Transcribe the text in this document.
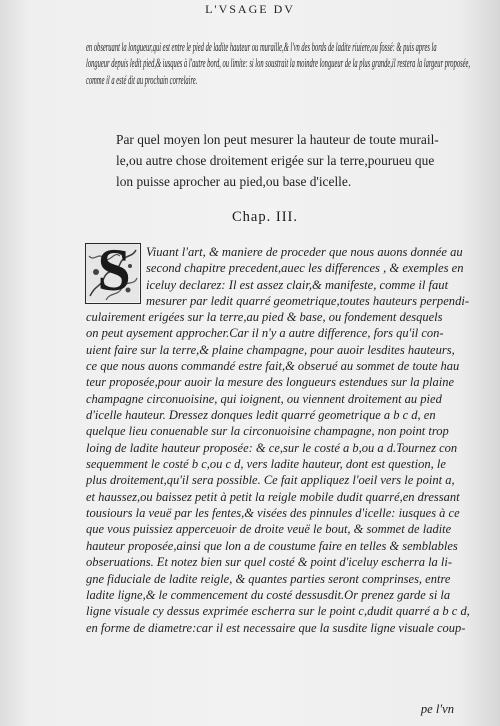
L'VSAGE DV
en obseruant la longueur,qui est entre le pied de ladite hauteur ou muraille,& l'vn des bords de ladite riuiere,ou fossé: & puis apres la
longueur depuis ledit pied,& iusques à l'autre bord, ou limite: si lon soustrait la moindre longueur de la plus grande,il restera la largeur proposée,
comme il a esté dit au prochain correlaire.
Par quel moyen lon peut mesurer la hauteur de toute murail-
le,ou autre chose droitement erigée sur la terre,pourueu que
lon puisse aprocher au pied,ou base d'icelle.
Chap. III.
S	Viuant l'art, & maniere de proceder que nous auons donnée au
second chapitre precedent,auec les differences , & exemples en
iceluy declarez: Il est assez clair,& manifeste, comme il faut
mesurer par ledit quarré geometrique,toutes hauteurs perpendi-
culairement erigées sur la terre,au pied & base, ou fondement desquels
on peut aysement approcher.Car il n'y a autre difference, fors qu'il con-
uient faire sur la terre,& plaine champagne, pour auoir lesdites hauteurs,
ce que nous auons commandé estre fait,& obserué au sommet de toute hau
teur proposée,pour auoir la mesure des longueurs estendues sur la plaine
champagne circonuoisine, qui ioignent, ou viennent droitement au pied
d'icelle hauteur. Dressez donques ledit quarré geometrique a b c d, en
quelque lieu conuenable sur la circonuoisine champagne, non point trop
loing de ladite hauteur proposée: & ce,sur le costé a b,ou a d.Tournez con
sequemment le costé b c,ou c d, vers ladite hauteur, dont est question, le
plus droitement,qu'il sera possible. Ce fait appliquez l'oeil vers le point a,
et haussez,ou baissez petit à petit la reigle mobile dudit quarré,en dressant
tousiours la veuë par les fentes,& visées des pinnules d'icelle: iusques à ce
que vous puissiez apperceuoir de droite veuë le bout, & sommet de ladite
hauteur proposée,ainsi que lon a de coustume faire en telles & semblables
obseruations. Et notez bien sur quel costé & point d'iceluy escherra la li-
gne fiduciale de ladite reigle, & quantes parties seront comprinses, entre
ladite ligne,& le commencement du costé dessusdit.Or prenez garde si la
ligne visuale cy dessus exprimée escherra sur le point c,dudit quarré a b c d,
en forme de diametre:car il est necessaire que la susdite ligne visuale coup-
pe l'vn
